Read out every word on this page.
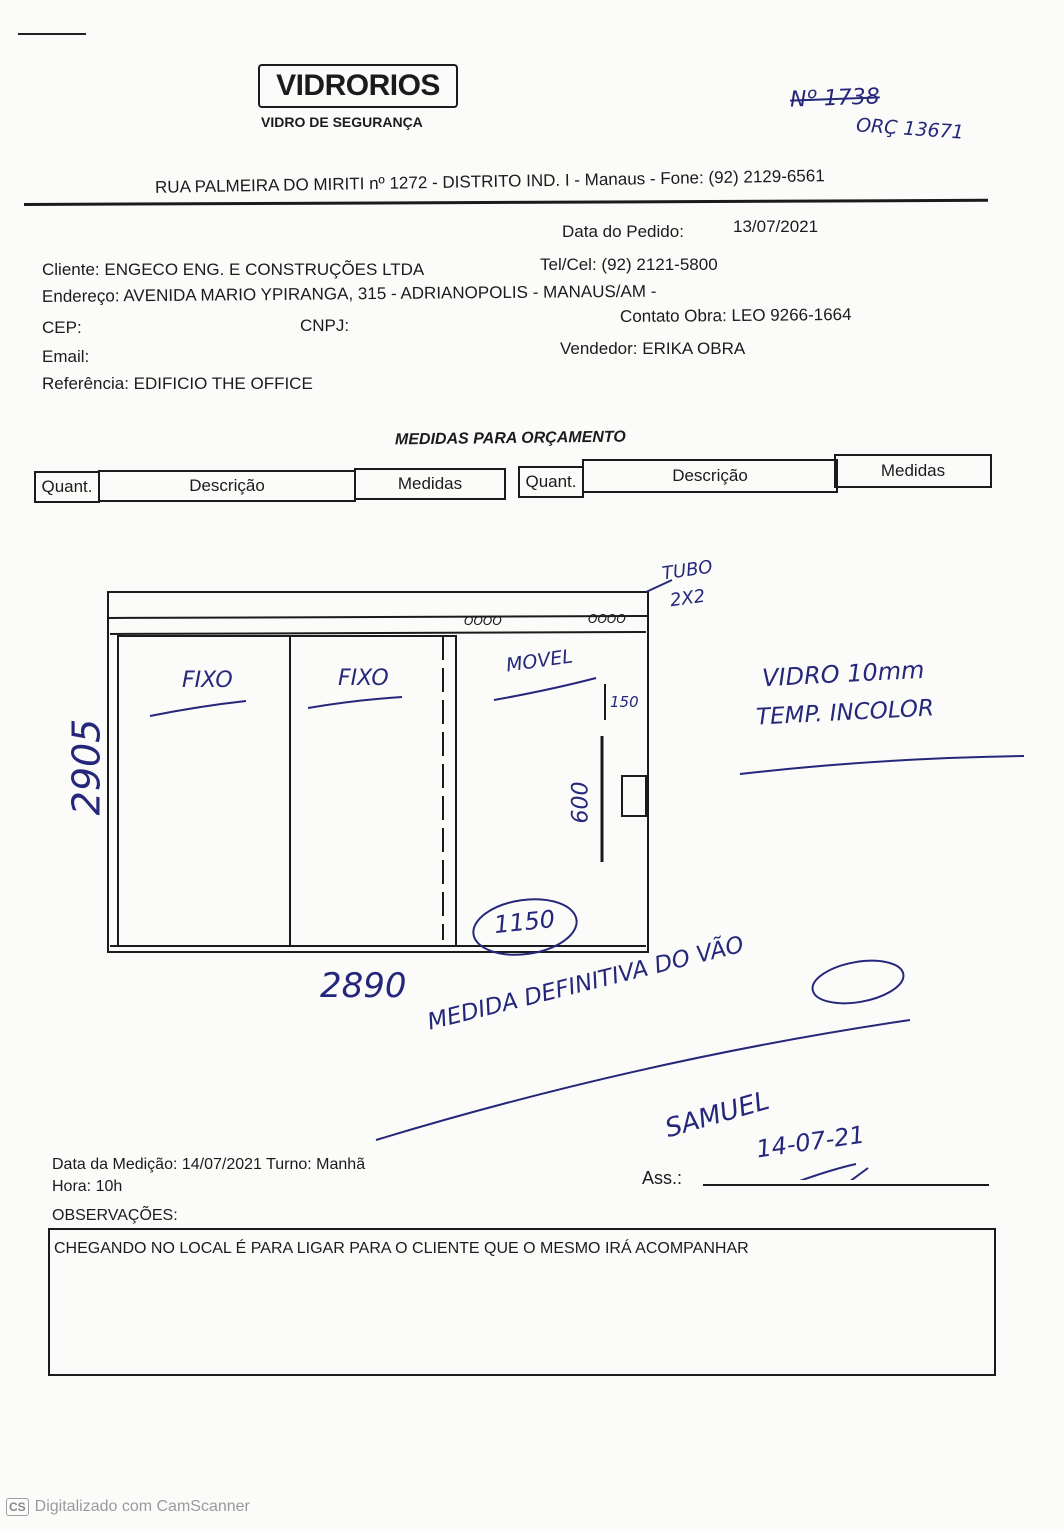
VIDRORIOS
VIDRO DE SEGURANÇA
Nº 1738
ORÇ 13671
RUA PALMEIRA DO MIRITI nº 1272 - DISTRITO IND. I - Manaus - Fone: (92) 2129-6561
Data do Pedido:	13/07/2021
Cliente: ENGECO ENG. E CONSTRUÇÕES LTDA	Tel/Cel: (92) 2121-5800
Endereço: AVENIDA MARIO YPIRANGA, 315 - ADRIANOPOLIS - MANAUS/AM -
CEP:	CNPJ:	Contato Obra: LEO 9266-1664
Email:	Vendedor: ERIKA OBRA
Referência: EDIFICIO THE OFFICE
MEDIDAS PARA ORÇAMENTO
Quant.	Descrição	Medidas	Quant.	Descrição	Medidas
TUBO
2X2
OOOO	OOOO
FIXO	FIXO
MOVEL
150
600
1150
2905
2890
VIDRO 10mm
TEMP. INCOLOR
MEDIDA DEFINITIVA DO VÃO
SAMUEL
14-07-21
Data da Medição: 14/07/2021 Turno: Manhã
Hora: 10h	Ass.:
OBSERVAÇÕES:
CHEGANDO NO LOCAL É PARA LIGAR PARA O CLIENTE QUE O MESMO IRÁ ACOMPANHAR
CS Digitalizado com CamScanner
